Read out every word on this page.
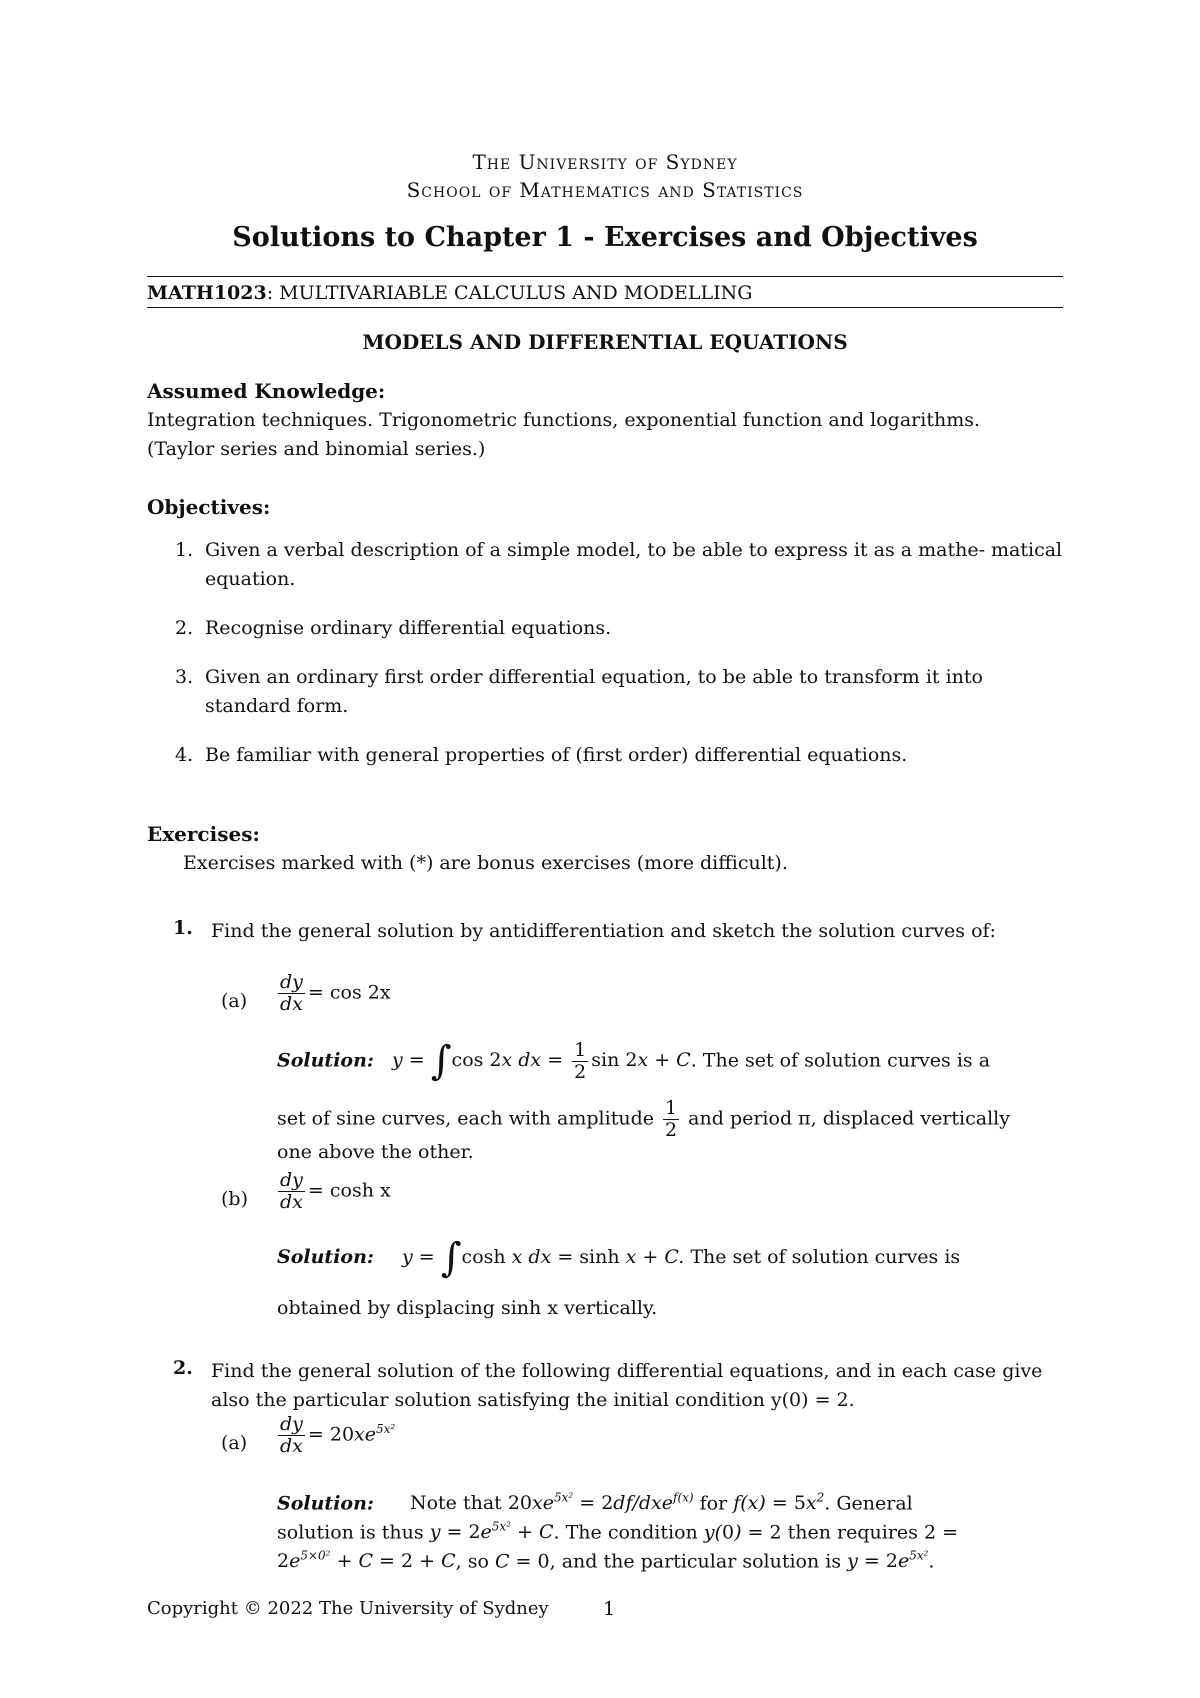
The University of Sydney
School of Mathematics and Statistics
Solutions to Chapter 1 - Exercises and Objectives
MATH1023: MULTIVARIABLE CALCULUS AND MODELLING
MODELS AND DIFFERENTIAL EQUATIONS
Assumed Knowledge:
Integration techniques. Trigonometric functions, exponential function and logarithms.
(Taylor series and binomial series.)
Objectives:
1. Given a verbal description of a simple model, to be able to express it as a mathe- matical equation.
2. Recognise ordinary differential equations.
3. Given an ordinary first order differential equation, to be able to transform it into standard form.
4. Be familiar with general properties of (first order) differential equations.
Exercises:
Exercises marked with (*) are bonus exercises (more difficult).
1. Find the general solution by antidifferentiation and sketch the solution curves of:
$(a) \frac{dy}{dx} = \cos 2x$
Solution: y = ∫cos 2x dx = $\frac{1}{2}$ sin 2x + C. The set of solution curves is a
set of sine curves, each with amplitude $\frac{1}{2}$ and period π, displaced vertically
one above the other.
$(b) \frac{dy}{dx} = \cosh x$
Solution: y = ∫cosh x dx = sinh x + C. The set of solution curves is
obtained by displacing sinh x vertically.
2. Find the general solution of the following differential equations, and in each case give also the particular solution satisfying the initial condition y(0) = 2.
$(a) \frac{dy}{dx} = 20xe^{5x^2}$
Solution: Note that $20xe^{5x^2} = 2df/dxe^{f(x)}$ for $f(x) = 5x^2$. General
solution is thus $y = 2e^{5x^2} + C$. The condition y(0) = 2 then requires 2 =
$2e^{5\times 0^2} + C = 2 + C$, so C = 0, and the particular solution is $y = 2e^{5x^2}$.
Copyright © 2022 The University of Sydney	1
